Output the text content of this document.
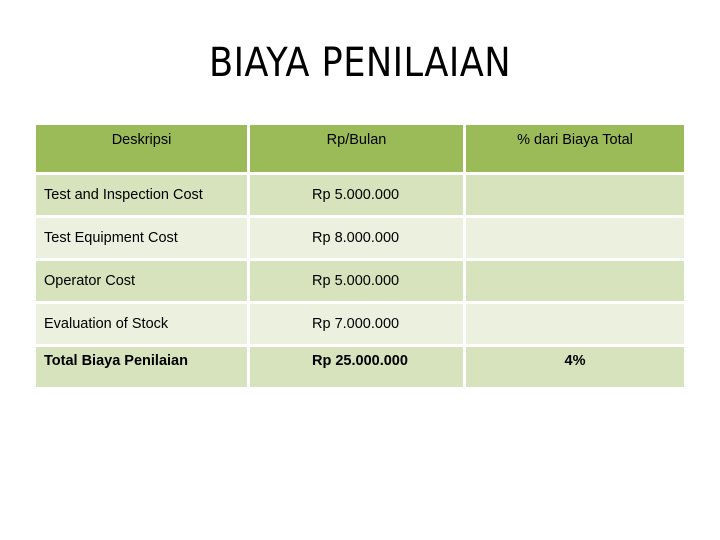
BIAYA PENILAIAN
Deskripsi	Rp/Bulan	% dari Biaya Total
Test and Inspection Cost	Rp 5.000.000	
Test Equipment Cost	Rp 8.000.000	
Operator Cost	Rp 5.000.000	
Evaluation of Stock	Rp 7.000.000	
Total Biaya Penilaian	Rp 25.000.000	4%
